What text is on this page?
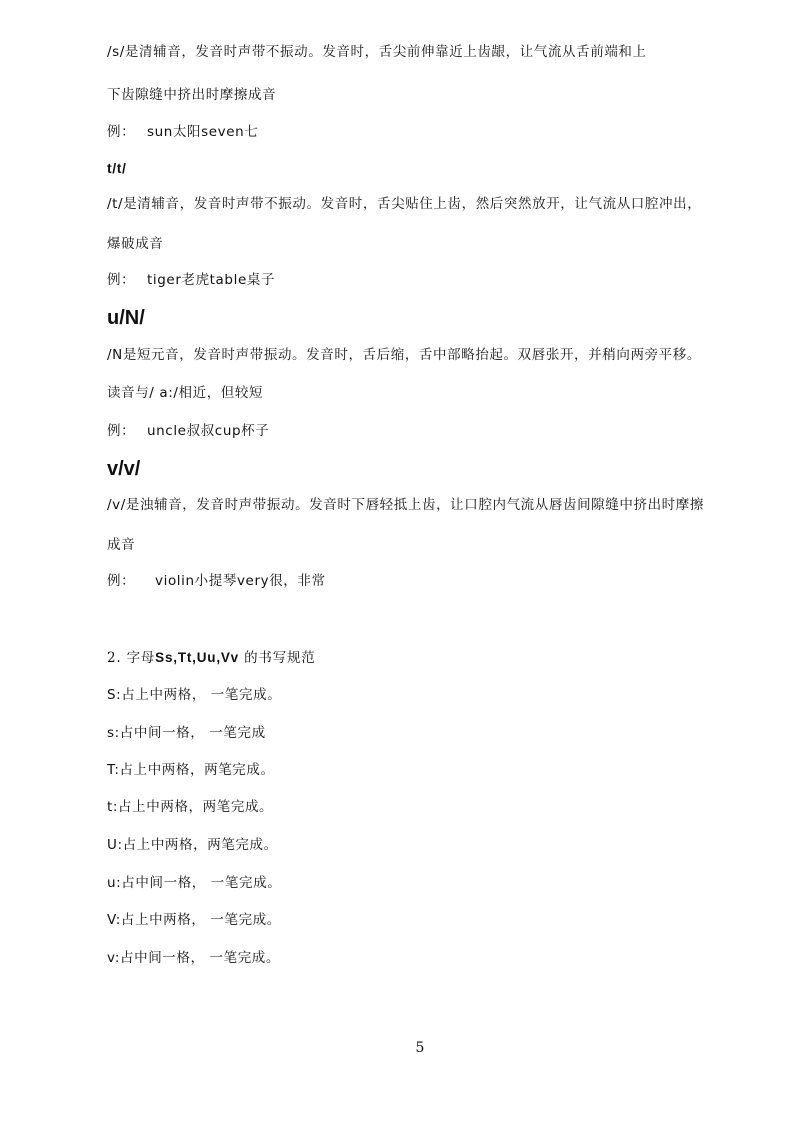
/s/是清辅音，发音时声带不振动。发音时，舌尖前伸靠近上齿龈，让气流从舌前端和上
下齿隙缝中挤出时摩擦成音
例： sun太阳seven七
t/t/
/t/是清辅音，发音时声带不振动。发音时，舌尖贴住上齿，然后突然放开，让气流从口腔冲出，
爆破成音
例： tiger老虎table桌子
u/N/
/N是短元音，发音时声带振动。发音时，舌后缩，舌中部略抬起。双唇张开，并稍向两旁平移。
读音与/ a:/相近，但较短
例： uncle叔叔cup杯子
v/v/
/v/是浊辅音，发音时声带振动。发音时下唇轻抵上齿，让口腔内气流从唇齿间隙缝中挤出时摩擦
成音
例： violin小提琴very很，非常
2. 字母Ss,Tt,Uu,Vv 的书写规范
S:占上中两格， 一笔完成。
s:占中间一格， 一笔完成
T:占上中两格，两笔完成。
t:占上中两格，两笔完成。
U:占上中两格，两笔完成。
u:占中间一格， 一笔完成。
V:占上中两格， 一笔完成。
v:占中间一格， 一笔完成。
5
